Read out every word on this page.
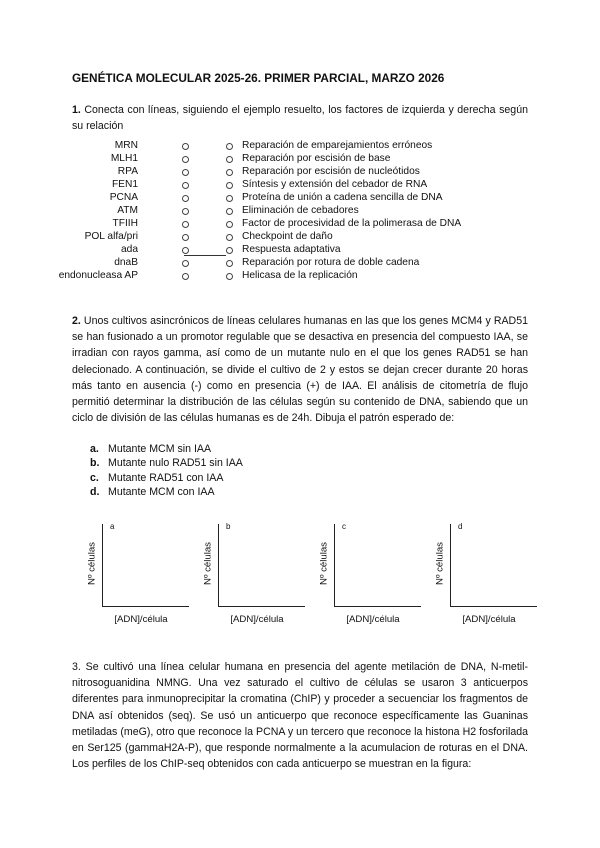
GENÉTICA MOLECULAR 2025-26. PRIMER PARCIAL, MARZO 2026
1. Conecta con líneas, siguiendo el ejemplo resuelto, los factores de izquierda y derecha según su relación
MRN
MLH1
RPA
FEN1
PCNA
ATM
TFIIH
POL alfa/pri
ada
dnaB
endonucleasa AP
Reparación de emparejamientos erróneos
Reparación por escisión de base
Reparación por escisión de nucleótidos
Síntesis y extensión del cebador de RNA
Proteína de unión a cadena sencilla de DNA
Eliminación de cebadores
Factor de procesividad de la polimerasa de DNA
Checkpoint de daño
Respuesta adaptativa
Reparación por rotura de doble cadena
Helicasa de la replicación
2. Unos cultivos asincrónicos de líneas celulares humanas en las que los genes MCM4 y RAD51 se han fusionado a un promotor regulable que se desactiva en presencia del compuesto IAA, se irradian con rayos gamma, así como de un mutante nulo en el que los genes RAD51 se han delecionado. A continuación, se divide el cultivo de 2 y estos se dejan crecer durante 20 horas más tanto en ausencia (-) como en presencia (+) de IAA. El análisis de citometría de flujo permitió determinar la distribución de las células según su contenido de DNA, sabiendo que un ciclo de división de las células humanas es de 24h. Dibuja el patrón esperado de:
a. Mutante MCM sin IAA
b. Mutante nulo RAD51 sin IAA
c. Mutante RAD51 con IAA
d. Mutante MCM con IAA
a
Nº células
[ADN]/célula
b
Nº células
[ADN]/célula
c
Nº células
[ADN]/célula
d
Nº células
[ADN]/célula
3. Se cultivó una línea celular humana en presencia del agente metilación de DNA, N-metil-nitrosoguanidina NMNG. Una vez saturado el cultivo de células se usaron 3 anticuerpos diferentes para inmunoprecipitar la cromatina (ChIP) y proceder a secuenciar los fragmentos de DNA así obtenidos (seq). Se usó un anticuerpo que reconoce específicamente las Guaninas metiladas (meG), otro que reconoce la PCNA y un tercero que reconoce la histona H2 fosforilada en Ser125 (gammaH2A-P), que responde normalmente a la acumulacion de roturas en el DNA. Los perfiles de los ChIP-seq obtenidos con cada anticuerpo se muestran en la figura:
